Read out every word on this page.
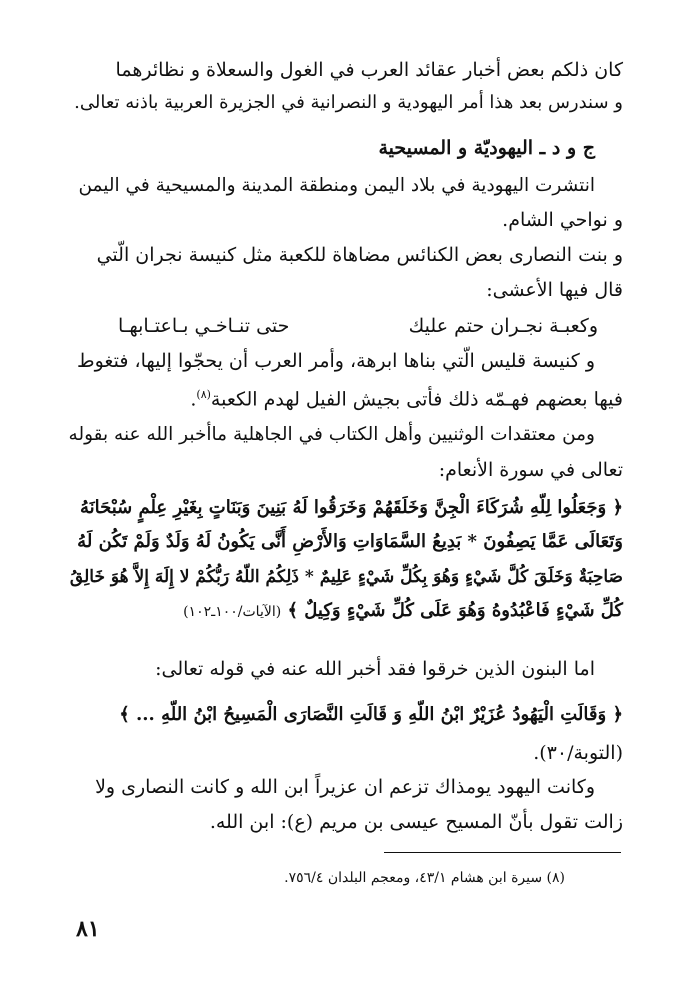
كان ذلكم بعض أخبار عقائد العرب في الغول والسعلاة و نظائرهما
و سندرس بعد هذا أمر اليهودية و النصرانية في الجزيرة العربية باذنه تعالى.
ج و د ـ اليهوديّة و المسيحية
انتشرت اليهودية في بلاد اليمن ومنطقة المدينة والمسيحية في اليمن
و نواحي الشام.
و بنت النصارى بعض الكنائس مضاهاة للكعبة مثل كنيسة نجران الّتي
قال فيها الأعشى:
وكعبـة نجـران حتم عليك
حتى تنـاخـي بـاعتـابهـا
و كنيسة قليس الّتي بناها ابرهة، وأمر العرب أن يحجّوا إليها، فتغوط
فيها بعضهم فهـمّه ذلك فأتى بجيش الفيل لهدم الكعبة$^{(٨)}$.
ومن معتقدات الوثنيين وأهل الكتاب في الجاهلية ماأخبر الله عنه بقوله
تعالى في سورة الأنعام:
﴿ وَجَعَلُوا لِلّهِ شُرَكَاءَ الْجِنَّ وَخَلَقَهُمْ وَخَرَقُوا لَهُ بَنِينَ وَبَنَاتٍ بِغَيْرِ عِلْمٍ سُبْحَانَهُ
وَتَعَالَى عَمَّا يَصِفُونَ * بَدِيعُ السَّمَاوَاتِ وَالأَرْضِ أَنَّى يَكُونُ لَهُ وَلَدٌ وَلَمْ تَكُن لَهُ
صَاحِبَةٌ وَخَلَقَ كُلَّ شَيْءٍ وَهُوَ بِكُلِّ شَيْءٍ عَلِيمٌ * ذَلِكُمُ اللّهُ رَبُّكُمْ لا إِلَهَ إِلاَّ هُوَ خَالِقُ
كُلِّ شَيْءٍ فَاعْبُدُوهُ وَهُوَ عَلَى كُلِّ شَيْءٍ وَكِيلٌ ﴾ (الآيات/١٠٠ـ١٠٢)
اما البنون الذين خرقوا فقد أخبر الله عنه في قوله تعالى:
﴿ وَقَالَتِ الْيَهُودُ عُزَيْرٌ ابْنُ اللّهِ وَ قَالَتِ النَّصَارَى الْمَسِيحُ ابْنُ اللّهِ ... ﴾
(التوبة/٣٠).
وكانت اليهود يومذاك تزعم ان عزيراً ابن الله و كانت النصارى ولا
زالت تقول بأنّ المسيح عيسى بن مريم (ع): ابن الله.
(٨) سيرة ابن هشام ٤٣/١، ومعجم البلدان ٧٥٦/٤.
٨١
